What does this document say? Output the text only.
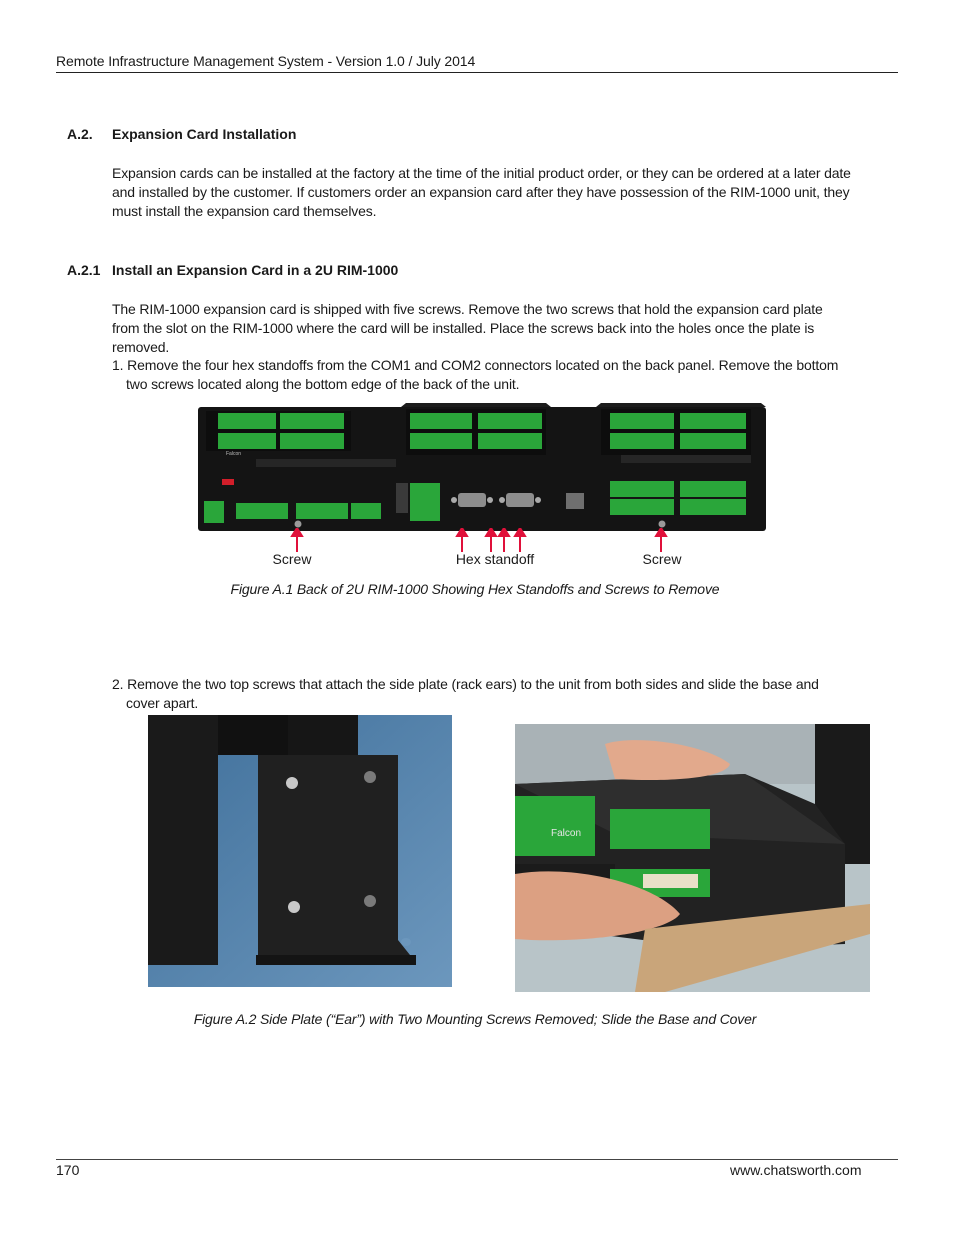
Remote Infrastructure Management System - Version 1.0 / July 2014
A.2. Expansion Card Installation
Expansion cards can be installed at the factory at the time of the initial product order, or they can be ordered at a later date and installed by the customer. If customers order an expansion card after they have possession of the RIM-1000 unit, they must install the expansion card themselves.
A.2.1 Install an Expansion Card in a 2U RIM-1000
The RIM-1000 expansion card is shipped with five screws. Remove the two screws that hold the expansion card plate from the slot on the RIM-1000 where the card will be installed. Place the screws back into the holes once the plate is removed.
1. Remove the four hex standoffs from the COM1 and COM2 connectors located on the back panel. Remove the bottom two screws located along the bottom edge of the back of the unit.
Falcon
Screw	Hex standoff	Screw
Figure A.1 Back of 2U RIM-1000 Showing Hex Standoffs and Screws to Remove
2. Remove the two top screws that attach the side plate (rack ears) to the unit from both sides and slide the base and cover apart.
Falcon
Figure A.2 Side Plate (“Ear”) with Two Mounting Screws Removed; Slide the Base and Cover
170	www.chatsworth.com
